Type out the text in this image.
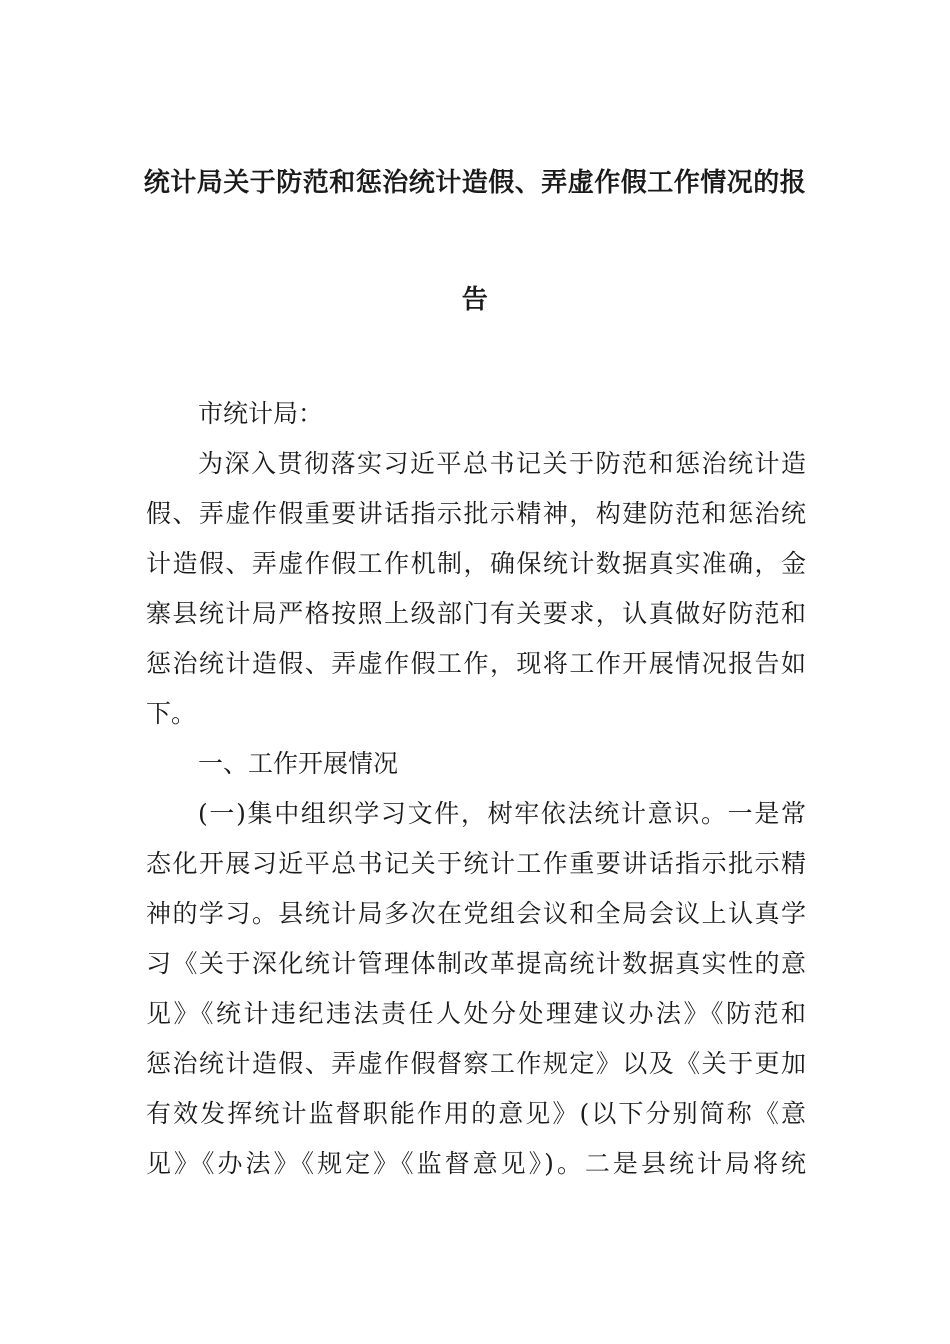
统计局关于防范和惩治统计造假、弄虚作假工作情况的报
告
市统计局：
为深入贯彻落实习近平总书记关于防范和惩治统计造
假、弄虚作假重要讲话指示批示精神，构建防范和惩治统
计造假、弄虚作假工作机制，确保统计数据真实准确，金
寨县统计局严格按照上级部门有关要求，认真做好防范和
惩治统计造假、弄虚作假工作，现将工作开展情况报告如
下。
一、工作开展情况
(一)集中组织学习文件，树牢依法统计意识。一是常
态化开展习近平总书记关于统计工作重要讲话指示批示精
神的学习。县统计局多次在党组会议和全局会议上认真学
习《关于深化统计管理体制改革提高统计数据真实性的意
见》《统计违纪违法责任人处分处理建议办法》《防范和
惩治统计造假、弄虚作假督察工作规定》以及《关于更加
有效发挥统计监督职能作用的意见》(以下分别简称《意
见》《办法》《规定》《监督意见》)。二是县统计局将统
